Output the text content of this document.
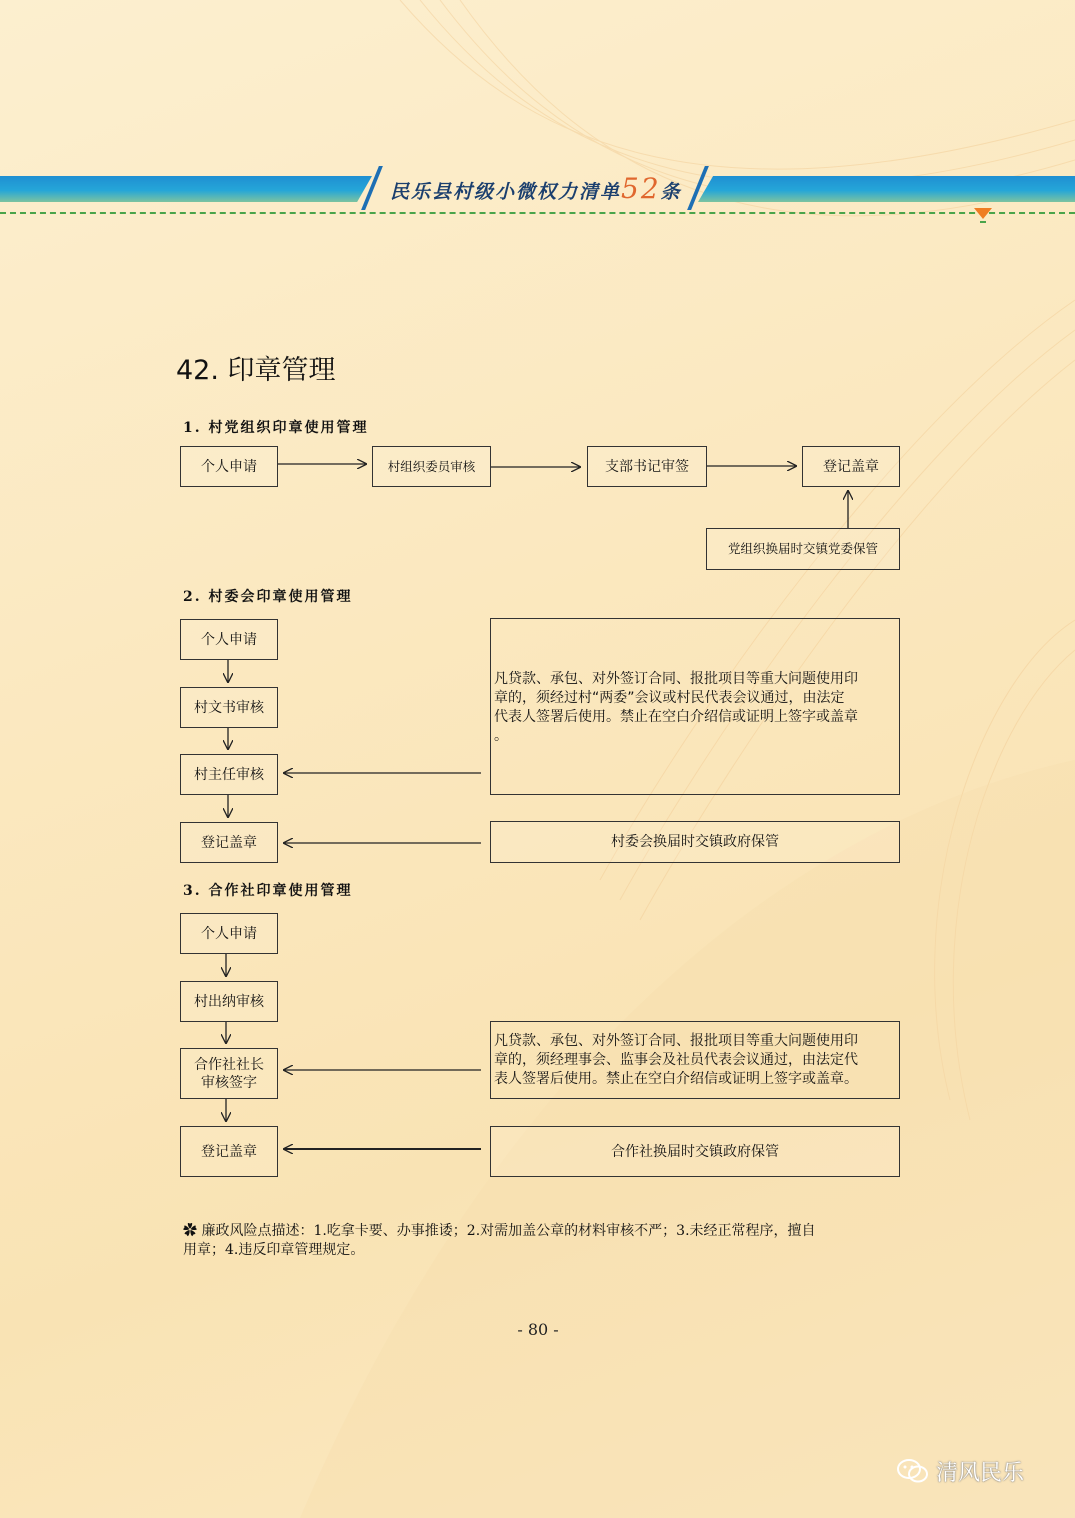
民乐县村级小微权力清单52条
42. 印章管理
1. 村党组织印章使用管理
个人申请	村组织委员审核	支部书记审签	登记盖章
党组织换届时交镇党委保管
2. 村委会印章使用管理
个人申请
村文书审核
村主任审核
登记盖章
凡贷款、承包、对外签订合同、报批项目等重大问题使用印
章的，须经过村“两委”会议或村民代表会议通过，由法定
代表人签署后使用。禁止在空白介绍信或证明上签字或盖章
。
村委会换届时交镇政府保管
3. 合作社印章使用管理
个人申请
村出纳审核
合作社社长
审核签字
登记盖章
凡贷款、承包、对外签订合同、报批项目等重大问题使用印
章的，须经理事会、监事会及社员代表会议通过，由法定代
表人签署后使用。禁止在空白介绍信或证明上签字或盖章。
合作社换届时交镇政府保管
✿ 廉政风险点描述：1.吃拿卡要、办事推诿；2.对需加盖公章的材料审核不严；3.未经正常程序，擅自
用章；4.违反印章管理规定。
- 80 -
清风民乐
